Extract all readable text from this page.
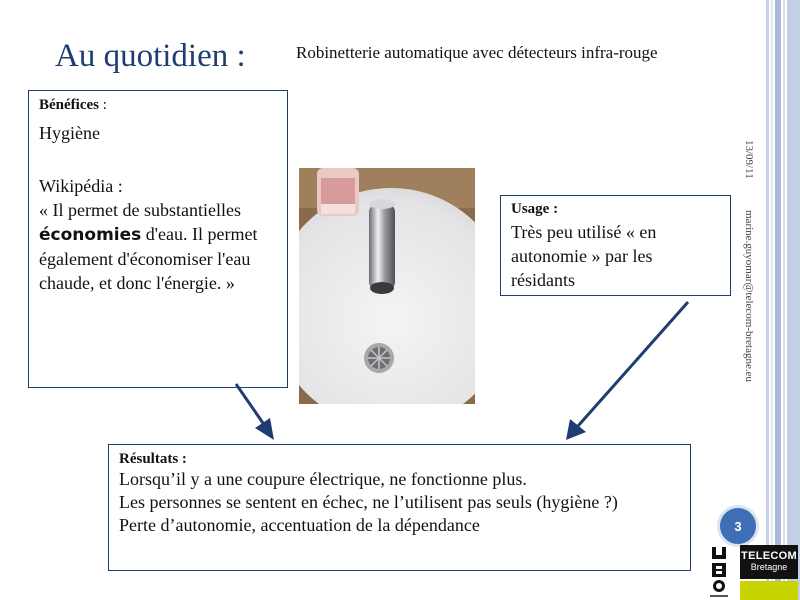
Au quotidien :	Robinetterie automatique avec détecteurs infra-rouge
Bénéfices :
Hygiène
Wikipédia :
« Il permet de substantielles économies d'eau. Il permet également d'économiser l'eau chaude, et donc l'énergie. »
Usage :
Très peu utilisé « en autonomie » par les résidants
Résultats :
Lorsqu’il y a une coupure électrique, ne fonctionne plus.
Les personnes se sentent en échec, ne l’utilisent pas seuls (hygiène ?)
Perte d’autonomie, accentuation de la dépendance
13/09/11
marine.guyomar@telecom-bretagne.eu
3
TELECOM
Bretagne
